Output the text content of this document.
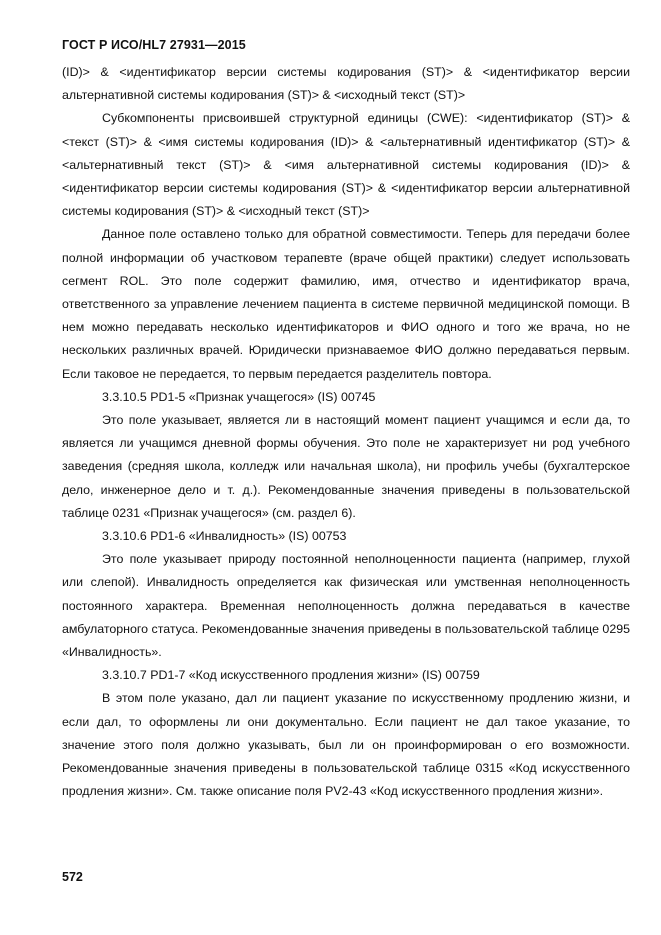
ГОСТ Р ИСО/HL7 27931—2015

(ID)> & <идентификатор версии системы кодирования (ST)> & <идентификатор версии альтернативной системы кодирования (ST)> & <исходный текст (ST)>

Субкомпоненты присвоившей структурной единицы (CWE): <идентификатор (ST)> & <текст (ST)> & <имя системы кодирования (ID)> & <альтернативный идентификатор (ST)> & <альтернативный текст (ST)> & <имя альтернативной системы кодирования (ID)> & <идентификатор версии системы кодирования (ST)> & <идентификатор версии альтернативной системы кодирования (ST)> & <исходный текст (ST)>

Данное поле оставлено только для обратной совместимости. Теперь для передачи более полной информации об участковом терапевте (враче общей практики) следует использовать сегмент ROL. Это поле содержит фамилию, имя, отчество и идентификатор врача, ответственного за управление лечением пациента в системе первичной медицинской помощи. В нем можно передавать несколько идентификаторов и ФИО одного и того же врача, но не нескольких различных врачей. Юридически признаваемое ФИО должно передаваться первым. Если таковое не передается, то первым передается разделитель повтора.

3.3.10.5 PD1-5 «Признак учащегося» (IS) 00745

Это поле указывает, является ли в настоящий момент пациент учащимся и если да, то является ли учащимся дневной формы обучения. Это поле не характеризует ни род учебного заведения (средняя школа, колледж или начальная школа), ни профиль учебы (бухгалтерское дело, инженерное дело и т. д.). Рекомендованные значения приведены в пользовательской таблице 0231 «Признак учащегося» (см. раздел 6).

3.3.10.6 PD1-6 «Инвалидность» (IS) 00753

Это поле указывает природу постоянной неполноценности пациента (например, глухой или слепой). Инвалидность определяется как физическая или умственная неполноценность постоянного характера. Временная неполноценность должна передаваться в качестве амбулаторного статуса. Рекомендованные значения приведены в пользовательской таблице 0295 «Инвалидность».

3.3.10.7 PD1-7 «Код искусственного продления жизни» (IS) 00759

В этом поле указано, дал ли пациент указание по искусственному продлению жизни, и если дал, то оформлены ли они документально. Если пациент не дал такое указание, то значение этого поля должно указывать, был ли он проинформирован о его возможности. Рекомендованные значения приведены в пользовательской таблице 0315 «Код искусственного продления жизни». См. также описание поля PV2-43 «Код искусственного продления жизни».

572
